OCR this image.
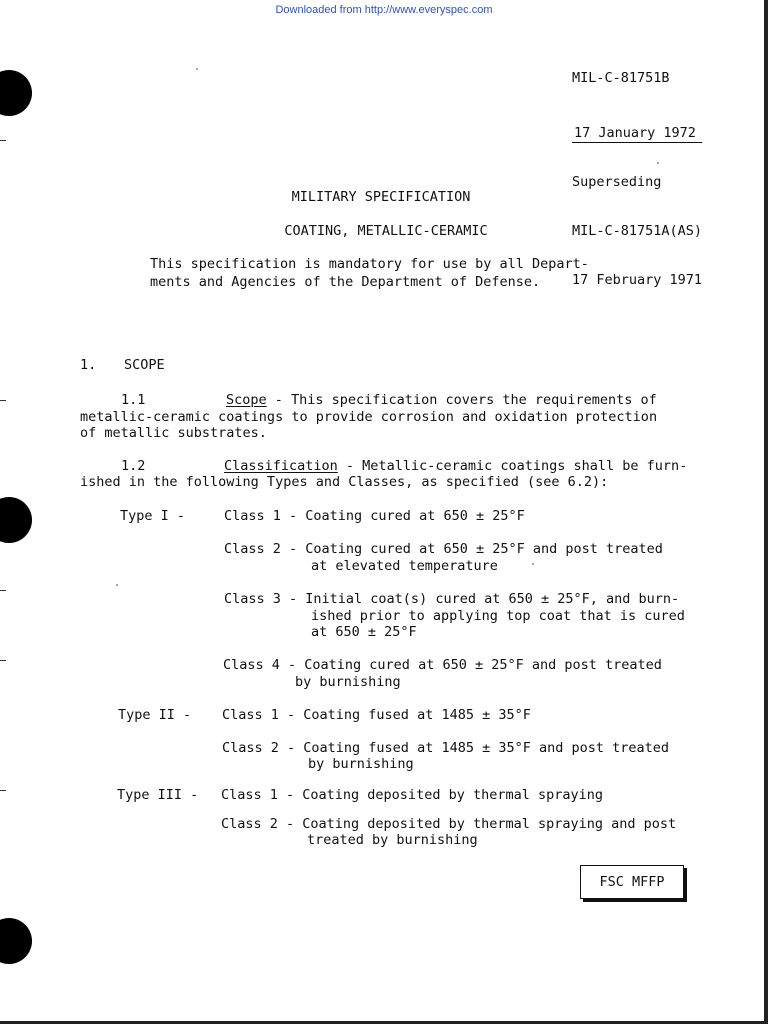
Downloaded from http://www.everyspec.com

MIL-C-81751B

17 January 1972

Superseding

MIL-C-81751A(AS)

17 February 1971

MILITARY SPECIFICATION
COATING, METALLIC-CERAMIC
This specification is mandatory for use by all Depart-
ments and Agencies of the Department of Defense.
1. SCOPE
1.1	Scope - This specification covers the requirements of
metallic-ceramic coatings to provide corrosion and oxidation protection
of metallic substrates.
1.2	Classification - Metallic-ceramic coatings shall be furn-
ished in the following Types and Classes, as specified (see 6.2):
Type I -	Class 1 - Coating cured at 650 ± 25°F
Class 2 - Coating cured at 650 ± 25°F and post treated
at elevated temperature
Class 3 - Initial coat(s) cured at 650 ± 25°F, and burn-
ished prior to applying top coat that is cured
at 650 ± 25°F
Class 4 - Coating cured at 650 ± 25°F and post treated
by burnishing
Type II - Class 1 - Coating fused at 1485 ± 35°F
Class 2 - Coating fused at 1485 ± 35°F and post treated
by burnishing
Type III - Class 1 - Coating deposited by thermal spraying
Class 2 - Coating deposited by thermal spraying and post
treated by burnishing
FSC MFFP
